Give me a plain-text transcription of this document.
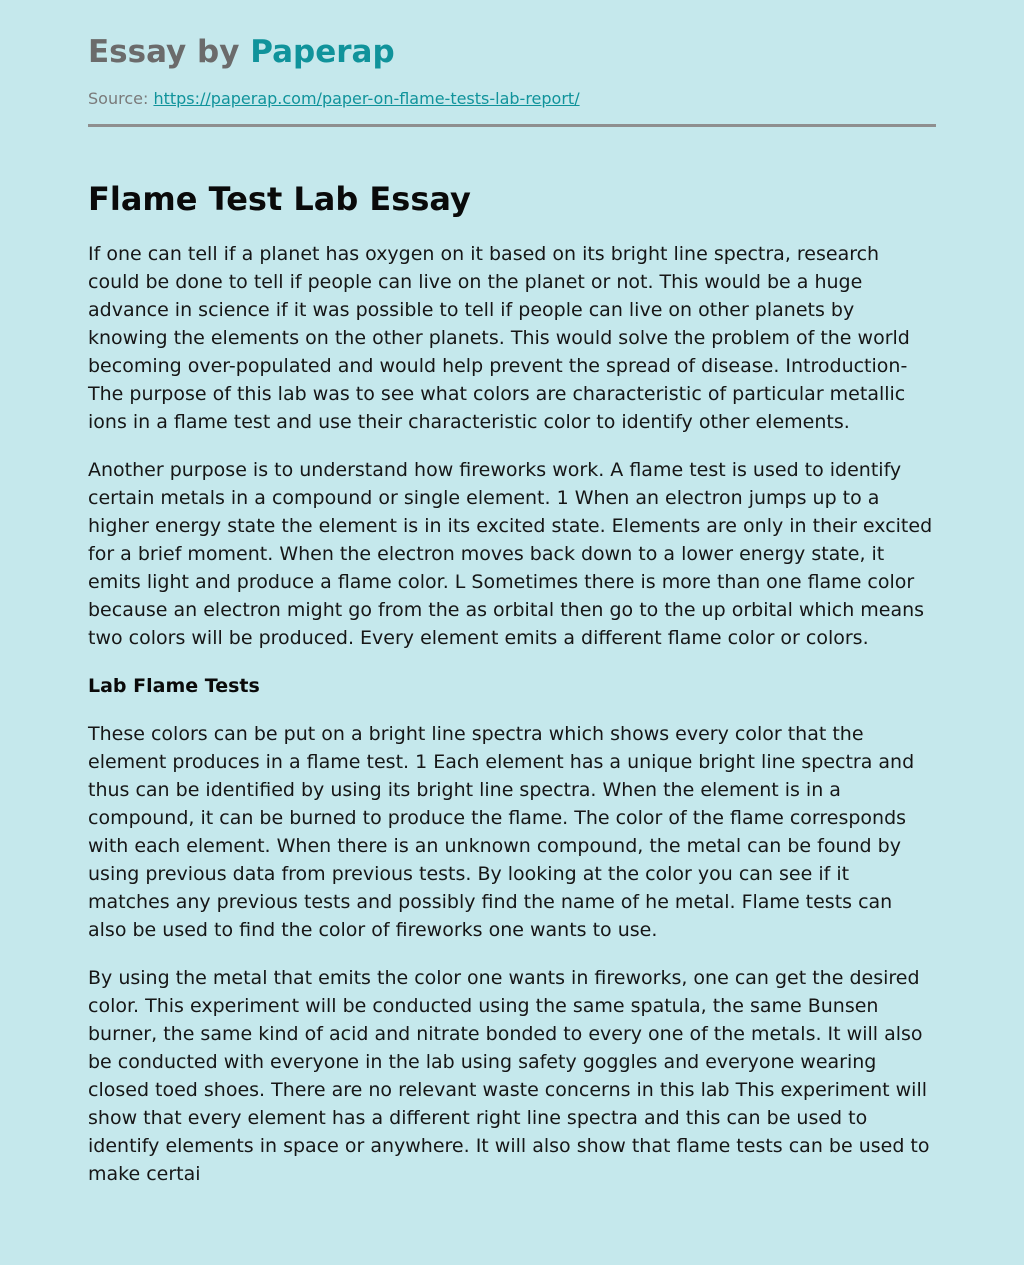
Essay by Paperap
Source: https://paperap.com/paper-on-flame-tests-lab-report/
Flame Test Lab Essay

If one can tell if a planet has oxygen on it based on its bright line spectra, research could be done to tell if people can live on the planet or not. This would be a huge advance in science if it was possible to tell if people can live on other planets by knowing the elements on the other planets. This would solve the problem of the world becoming over-populated and would help prevent the spread of disease. Introduction- The purpose of this lab was to see what colors are characteristic of particular metallic ions in a flame test and use their characteristic color to identify other elements.

Another purpose is to understand how fireworks work. A flame test is used to identify certain metals in a compound or single element. 1 When an electron jumps up to a higher energy state the element is in its excited state. Elements are only in their excited for a brief moment. When the electron moves back down to a lower energy state, it emits light and produce a flame color. L Sometimes there is more than one flame color because an electron might go from the as orbital then go to the up orbital which means two colors will be produced. Every element emits a different flame color or colors.

Lab Flame Tests

These colors can be put on a bright line spectra which shows every color that the element produces in a flame test. 1 Each element has a unique bright line spectra and thus can be identified by using its bright line spectra. When the element is in a compound, it can be burned to produce the flame. The color of the flame corresponds with each element. When there is an unknown compound, the metal can be found by using previous data from previous tests. By looking at the color you can see if it matches any previous tests and possibly find the name of he metal. Flame tests can also be used to find the color of fireworks one wants to use.

By using the metal that emits the color one wants in fireworks, one can get the desired color. This experiment will be conducted using the same spatula, the same Bunsen burner, the same kind of acid and nitrate bonded to every one of the metals. It will also be conducted with everyone in the lab using safety goggles and everyone wearing closed toed shoes. There are no relevant waste concerns in this lab This experiment will show that every element has a different right line spectra and this can be used to identify elements in space or anywhere. It will also show that flame tests can be used to make certai
